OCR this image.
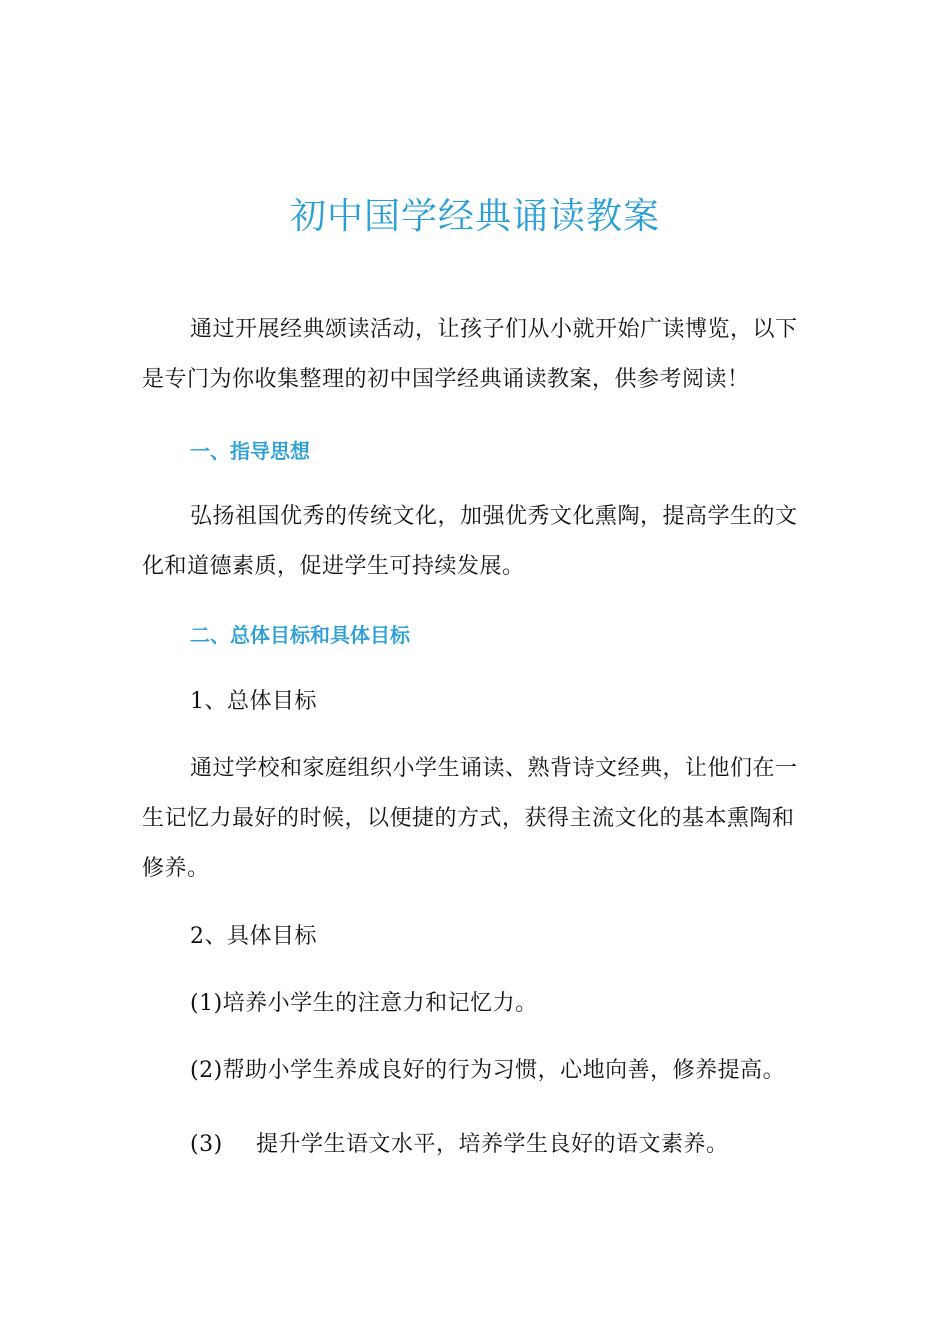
初中国学经典诵读教案

通过开展经典颂读活动，让孩子们从小就开始广读博览，以下是专门为你收集整理的初中国学经典诵读教案，供参考阅读！

一、指导思想

弘扬祖国优秀的传统文化，加强优秀文化熏陶，提高学生的文化和道德素质，促进学生可持续发展。

二、总体目标和具体目标
1、总体目标

通过学校和家庭组织小学生诵读、熟背诗文经典，让他们在一生记忆力最好的时候，以便捷的方式，获得主流文化的基本熏陶和修养。

2、具体目标
(1)培养小学生的注意力和记忆力。
(2)帮助小学生养成良好的行为习惯，心地向善，修养提高。
(3) 提升学生语文水平，培养学生良好的语文素养。
